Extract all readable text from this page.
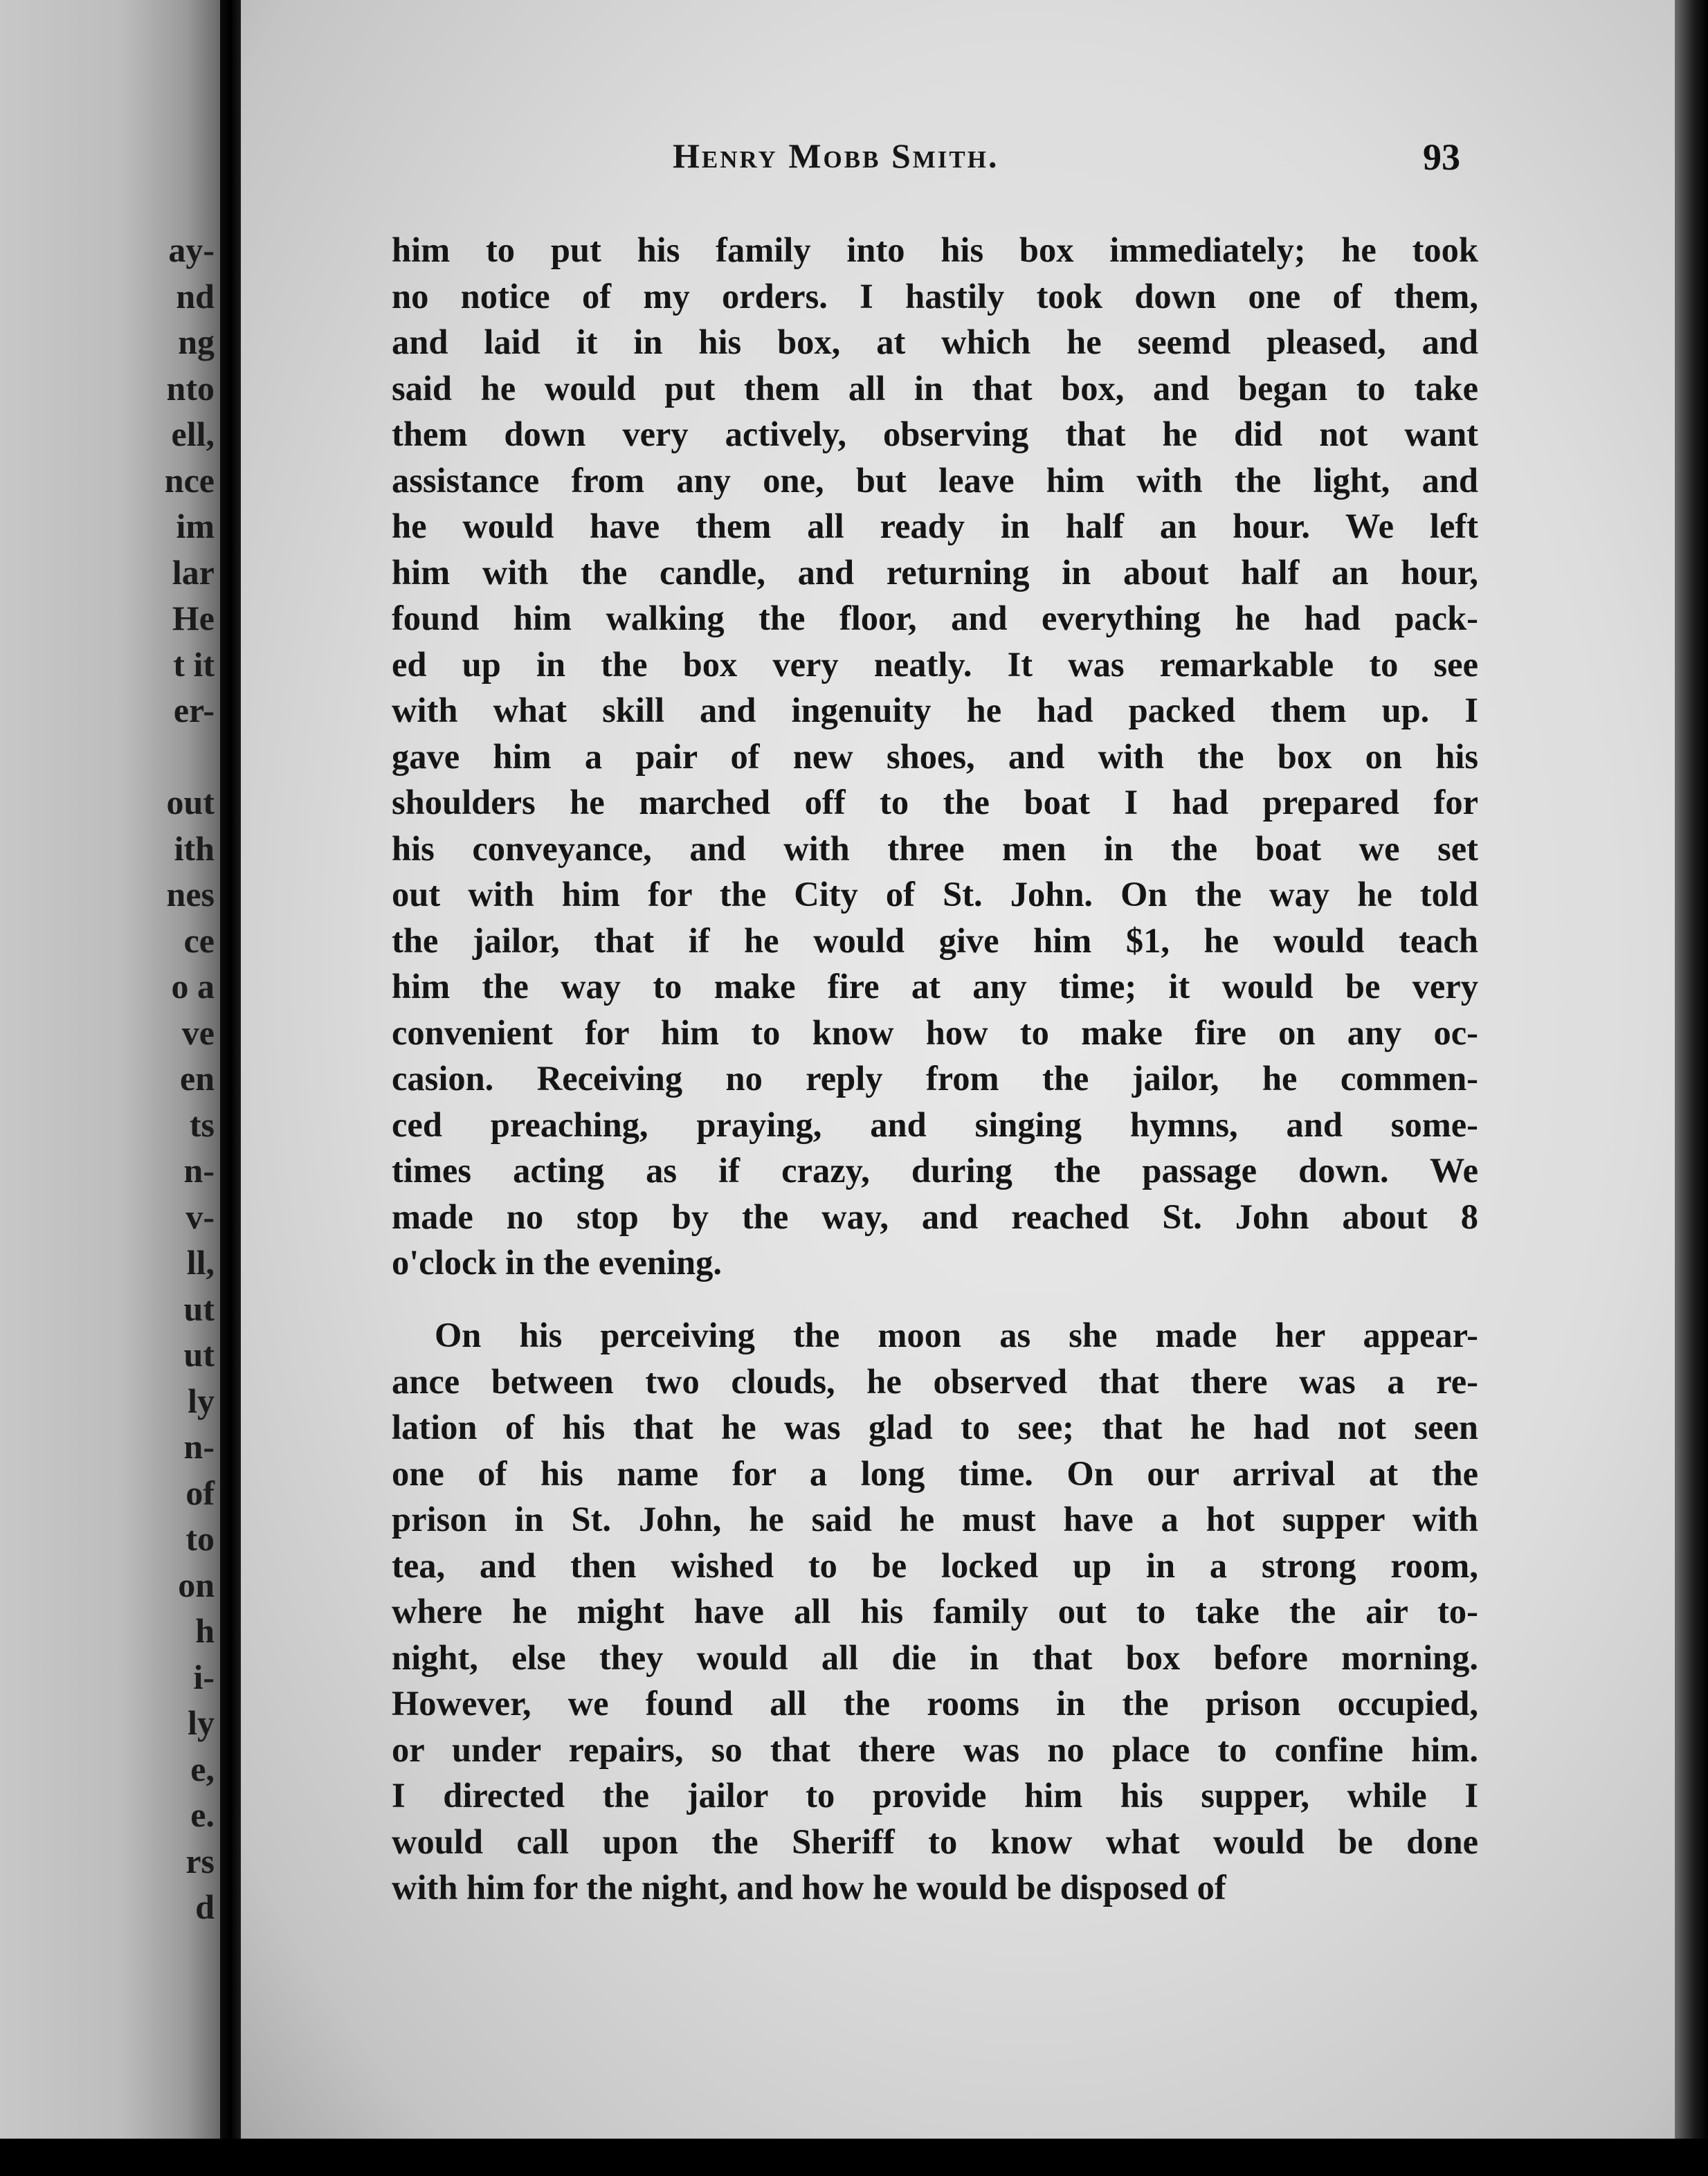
ay-
nd
ng
nto
ell,
nce
im
lar
He
t it
er-
out
ith
nes
ce
o a
ve
en
ts
n-
v-
ll,
ut
ut
ly
n-
of
to
on
h
i-
ly
e,
e.
rs
d
Henry Mobb Smith.	93
him to put his family into his box immediately; he took
no notice of my orders. I hastily took down one of them,
and laid it in his box, at which he seemd pleased, and
said he would put them all in that box, and began to take
them down very actively, observing that he did not want
assistance from any one, but leave him with the light, and
he would have them all ready in half an hour. We left
him with the candle, and returning in about half an hour,
found him walking the floor, and everything he had pack-
ed up in the box very neatly. It was remarkable to see
with what skill and ingenuity he had packed them up. I
gave him a pair of new shoes, and with the box on his
shoulders he marched off to the boat I had prepared for
his conveyance, and with three men in the boat we set
out with him for the City of St. John. On the way he told
the jailor, that if he would give him $1, he would teach
him the way to make fire at any time; it would be very
convenient for him to know how to make fire on any oc-
casion. Receiving no reply from the jailor, he commen-
ced preaching, praying, and singing hymns, and some-
times acting as if crazy, during the passage down. We
made no stop by the way, and reached St. John about 8
o'clock in the evening.
On his perceiving the moon as she made her appear-
ance between two clouds, he observed that there was a re-
lation of his that he was glad to see; that he had not seen
one of his name for a long time. On our arrival at the
prison in St. John, he said he must have a hot supper with
tea, and then wished to be locked up in a strong room,
where he might have all his family out to take the air to-
night, else they would all die in that box before morning.
However, we found all the rooms in the prison occupied,
or under repairs, so that there was no place to confine him.
I directed the jailor to provide him his supper, while I
would call upon the Sheriff to know what would be done
with him for the night, and how he would be disposed of
